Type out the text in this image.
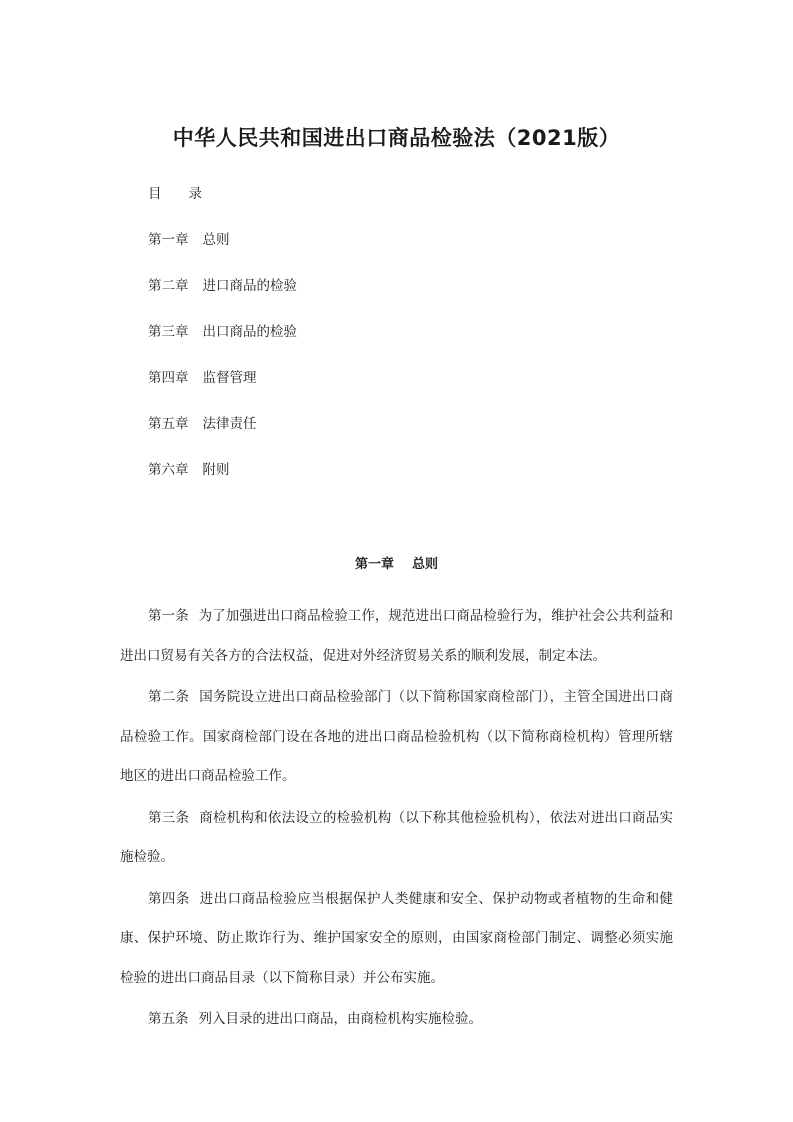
中华人民共和国进出口商品检验法（2021版）
目　　录
第一章 总则
第二章 进口商品的检验
第三章 出口商品的检验
第四章 监督管理
第五章 法律责任
第六章 附则
第一章 总则

第一条 为了加强进出口商品检验工作，规范进出口商品检验行为，维护社会公共利益和进出口贸易有关各方的合法权益，促进对外经济贸易关系的顺利发展，制定本法。

第二条 国务院设立进出口商品检验部门（以下简称国家商检部门），主管全国进出口商品检验工作。国家商检部门设在各地的进出口商品检验机构（以下简称商检机构）管理所辖地区的进出口商品检验工作。

第三条 商检机构和依法设立的检验机构（以下称其他检验机构），依法对进出口商品实施检验。

第四条 进出口商品检验应当根据保护人类健康和安全、保护动物或者植物的生命和健康、保护环境、防止欺诈行为、维护国家安全的原则，由国家商检部门制定、调整必须实施检验的进出口商品目录（以下简称目录）并公布实施。

第五条 列入目录的进出口商品，由商检机构实施检验。
